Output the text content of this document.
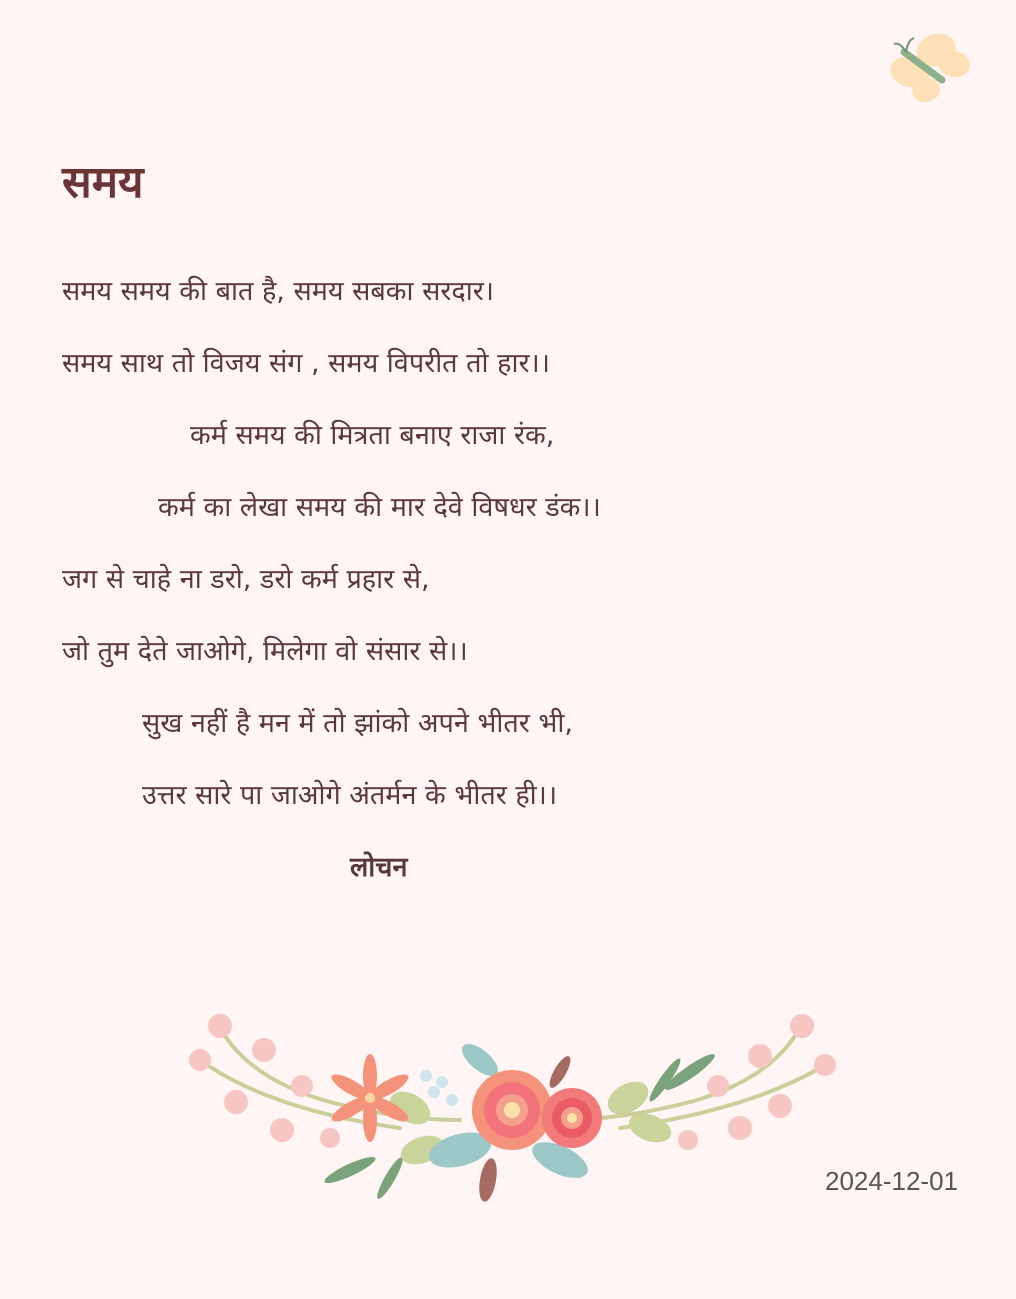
समय
समय समय की बात है, समय सबका सरदार।
समय साथ तो विजय संग , समय विपरीत तो हार।।
कर्म समय की मित्रता बनाए राजा रंक,
कर्म का लेखा समय की मार देवे विषधर डंक।।
जग से चाहे ना डरो, डरो कर्म प्रहार से,
जो तुम देते जाओगे, मिलेगा वो संसार से।।
सुख नहीं है मन में तो झांको अपने भीतर भी,
उत्तर सारे पा जाओगे अंतर्मन के भीतर ही।।
लोचन
2024-12-01
